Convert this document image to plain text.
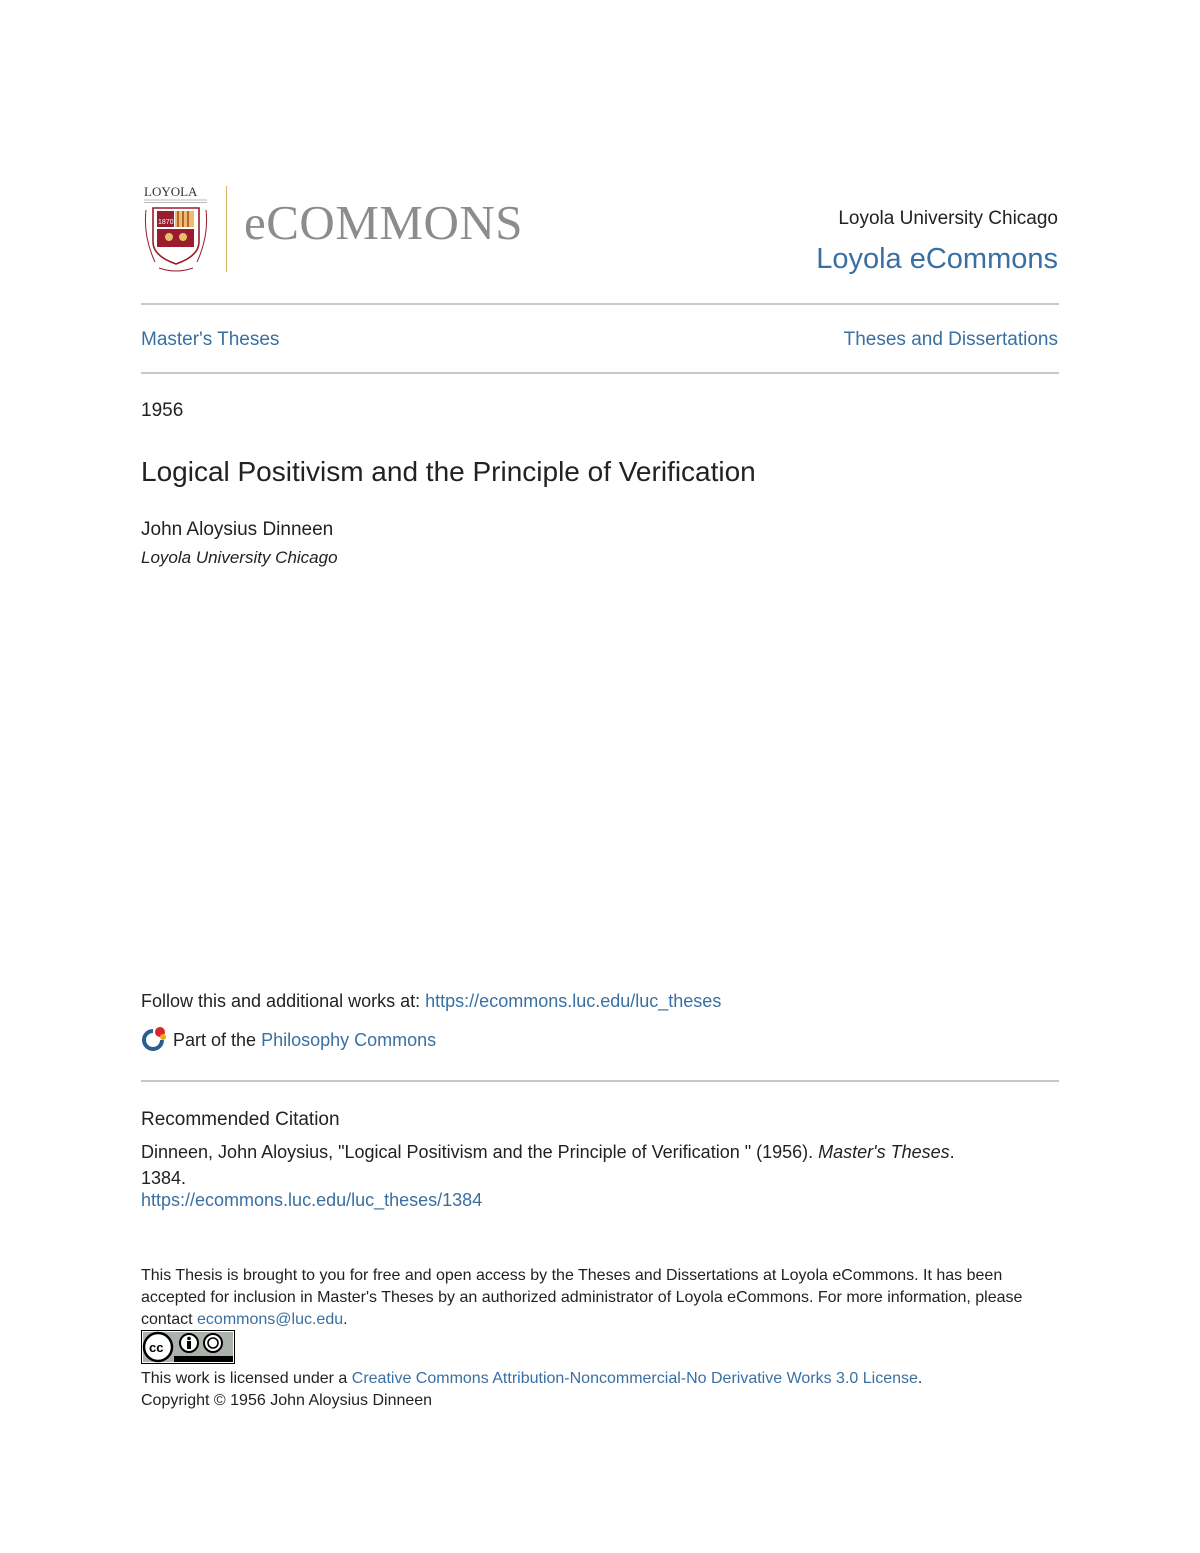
LOYOLA
1870 eCOMMONS	Loyola University Chicago
Loyola eCommons
Master's Theses	Theses and Dissertations
1956
Logical Positivism and the Principle of Verification
John Aloysius Dinneen
Loyola University Chicago
Follow this and additional works at: https://ecommons.luc.edu/luc_theses
Part of the Philosophy Commons
Recommended Citation
Dinneen, John Aloysius, "Logical Positivism and the Principle of Verification " (1956). Master's Theses.
1384.
https://ecommons.luc.edu/luc_theses/1384
This Thesis is brought to you for free and open access by the Theses and Dissertations at Loyola eCommons. It has been accepted for inclusion in Master's Theses by an authorized administrator of Loyola eCommons. For more information, please contact ecommons@luc.edu.
cc
This work is licensed under a Creative Commons Attribution-Noncommercial-No Derivative Works 3.0 License.
Copyright © 1956 John Aloysius Dinneen
